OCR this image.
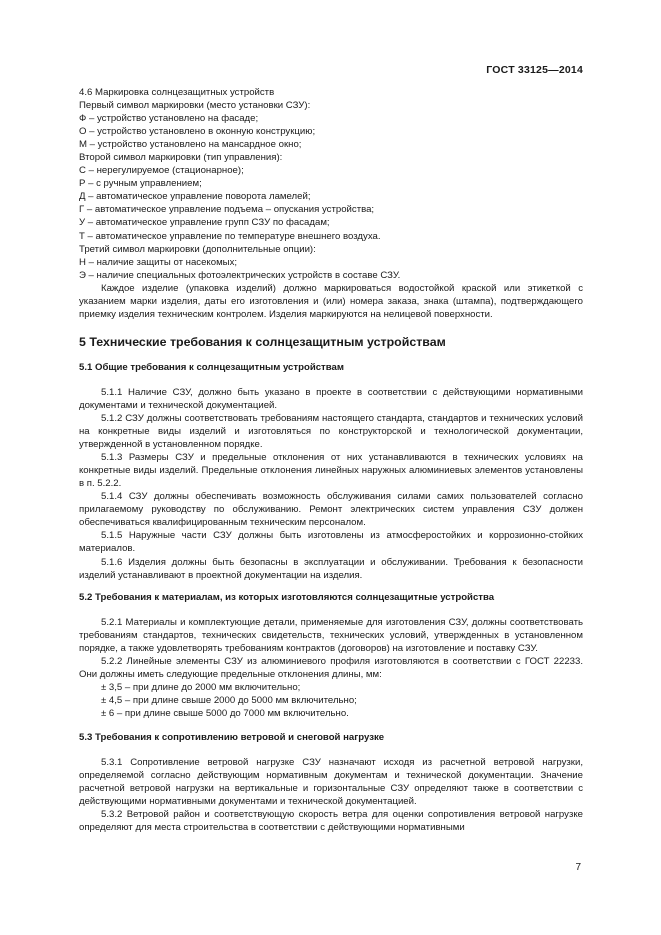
ГОСТ 33125—2014

4.6 Маркировка солнцезащитных устройств

Первый символ маркировки (место установки СЗУ):

Ф – устройство установлено на фасаде;

О – устройство установлено в оконную конструкцию;

М – устройство установлено на мансардное окно;

Второй символ маркировки (тип управления):

С – нерегулируемое (стационарное);

Р – с ручным управлением;

Д – автоматическое управление поворота ламелей;

Г – автоматическое управление подъема – опускания устройства;

У – автоматическое управление групп СЗУ по фасадам;

Т – автоматическое управление по температуре внешнего воздуха.

Третий символ маркировки (дополнительные опции):

Н – наличие защиты от насекомых;

Э – наличие специальных фотоэлектрических устройств в составе СЗУ.

Каждое изделие (упаковка изделий) должно маркироваться водостойкой краской или этикеткой с указанием марки изделия, даты его изготовления и (или) номера заказа, знака (штампа), подтверждающего приемку изделия техническим контролем. Изделия маркируются на нелицевой поверхности.

5 Технические требования к солнцезащитным устройствам

5.1 Общие требования к солнцезащитным устройствам

5.1.1 Наличие СЗУ, должно быть указано в проекте в соответствии с действующими нормативными документами и технической документацией.

5.1.2 СЗУ должны соответствовать требованиям настоящего стандарта, стандартов и технических условий на конкретные виды изделий и изготовляться по конструкторской и технологической документации, утвержденной в установленном порядке.

5.1.3 Размеры СЗУ и предельные отклонения от них устанавливаются в технических условиях на конкретные виды изделий. Предельные отклонения линейных наружных алюминиевых элементов установлены в п. 5.2.2.

5.1.4 СЗУ должны обеспечивать возможность обслуживания силами самих пользователей согласно прилагаемому руководству по обслуживанию. Ремонт электрических систем управления СЗУ должен обеспечиваться квалифицированным техническим персоналом.

5.1.5 Наружные части СЗУ должны быть изготовлены из атмосферостойких и коррозионно-стойких материалов.

5.1.6 Изделия должны быть безопасны в эксплуатации и обслуживании. Требования к безопасности изделий устанавливают в проектной документации на изделия.

5.2 Требования к материалам, из которых изготовляются солнцезащитные устройства

5.2.1 Материалы и комплектующие детали, применяемые для изготовления СЗУ, должны соответствовать требованиям стандартов, технических свидетельств, технических условий, утвержденных в установленном порядке, а также удовлетворять требованиям контрактов (договоров) на изготовление и поставку СЗУ.

5.2.2 Линейные элементы СЗУ из алюминиевого профиля изготовляются в соответствии с ГОСТ 22233. Они должны иметь следующие предельные отклонения длины, мм:

± 3,5 – при длине до 2000 мм включительно;

± 4,5 – при длине свыше 2000 до 5000 мм включительно;

± 6 – при длине свыше 5000 до 7000 мм включительно.

5.3 Требования к сопротивлению ветровой и снеговой нагрузке

5.3.1 Сопротивление ветровой нагрузке СЗУ назначают исходя из расчетной ветровой нагрузки, определяемой согласно действующим нормативным документам и технической документации. Значение расчетной ветровой нагрузки на вертикальные и горизонтальные СЗУ определяют также в соответствии с действующими нормативными документами и технической документацией.

5.3.2 Ветровой район и соответствующую скорость ветра для оценки сопротивления ветровой нагрузке определяют для места строительства в соответствии с действующими нормативными

7
